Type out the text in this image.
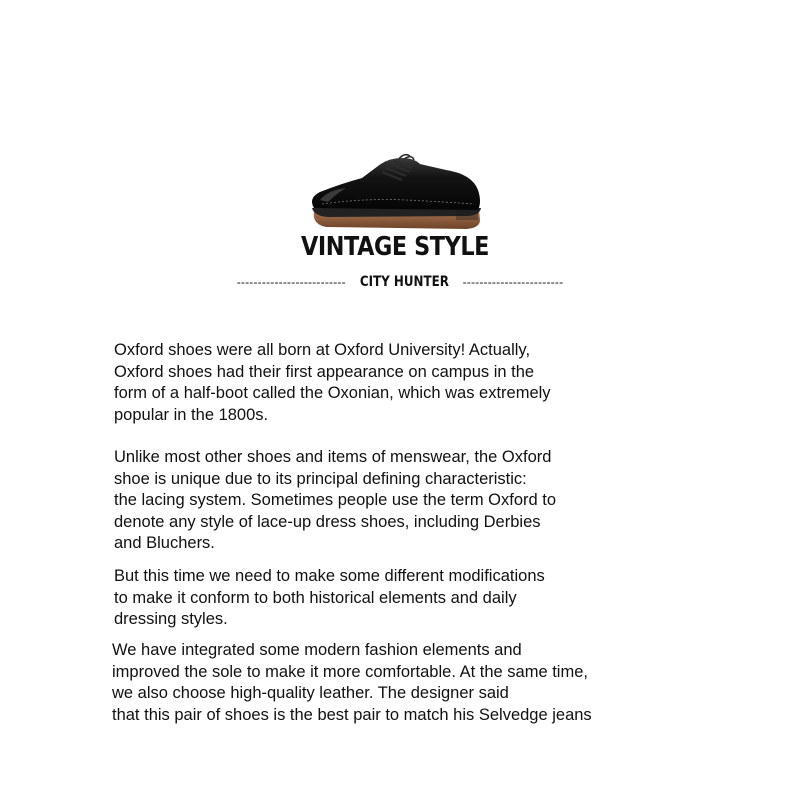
VINTAGE STYLE
-------------------------- CITY HUNTER ------------------------

Oxford shoes were all born at Oxford University! Actually,
Oxford shoes had their first appearance on campus in the
form of a half-boot called the Oxonian, which was extremely
popular in the 1800s.

Unlike most other shoes and items of menswear, the Oxford
shoe is unique due to its principal defining characteristic:
the lacing system. Sometimes people use the term Oxford to
denote any style of lace-up dress shoes, including Derbies
and Bluchers.

But this time we need to make some different modifications
to make it conform to both historical elements and daily
dressing styles.

We have integrated some modern fashion elements and
improved the sole to make it more comfortable. At the same time,
we also choose high-quality leather. The designer said
that this pair of shoes is the best pair to match his Selvedge jeans
